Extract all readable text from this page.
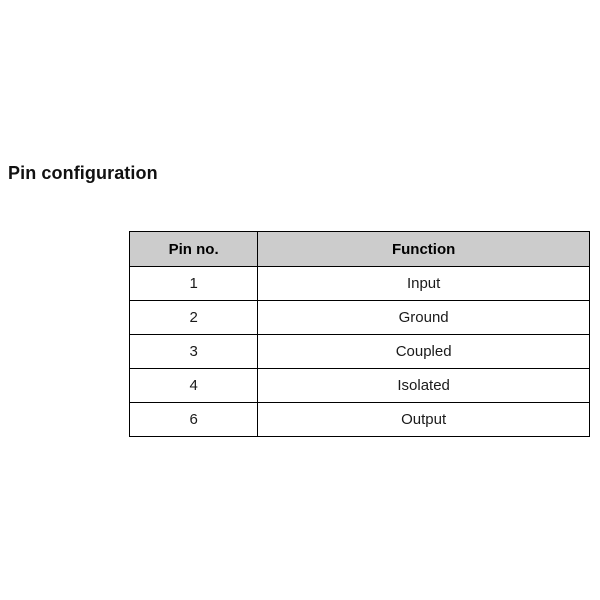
Pin configuration
Pin no.	Function
1	Input
2	Ground
3	Coupled
4	Isolated
6	Output
